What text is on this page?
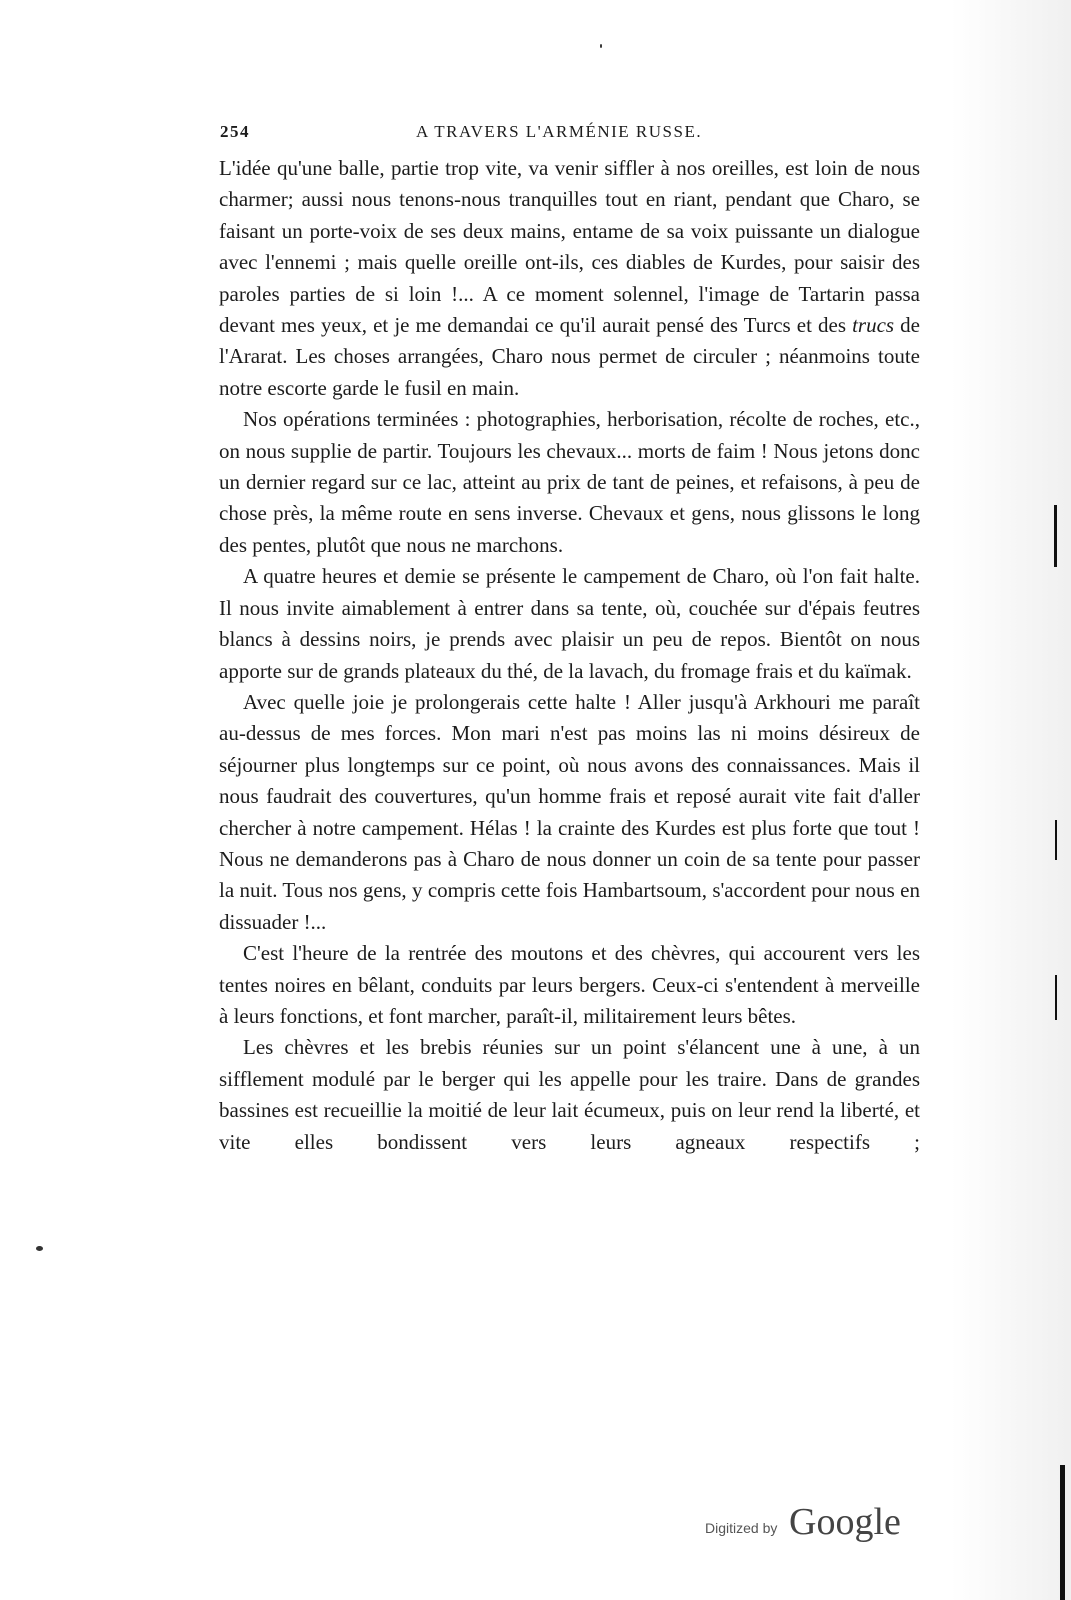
254	A TRAVERS L'ARMÉNIE RUSSE.

L'idée qu'une balle, partie trop vite, va venir siffler à nos oreilles, est loin de nous charmer; aussi nous tenons-nous tranquilles tout en riant, pendant que Charo, se faisant un porte-voix de ses deux mains, entame de sa voix puissante un dialogue avec l'ennemi ; mais quelle oreille ont-ils, ces diables de Kurdes, pour saisir des paroles parties de si loin !... A ce moment solennel, l'image de Tartarin passa devant mes yeux, et je me demandai ce qu'il aurait pensé des Turcs et des trucs de l'Ararat. Les choses arrangées, Charo nous permet de circuler ; néanmoins toute notre escorte garde le fusil en main.

Nos opérations terminées : photographies, herborisation, récolte de roches, etc., on nous supplie de partir. Toujours les chevaux... morts de faim ! Nous jetons donc un dernier regard sur ce lac, atteint au prix de tant de peines, et refaisons, à peu de chose près, la même route en sens inverse. Chevaux et gens, nous glissons le long des pentes, plutôt que nous ne marchons.

A quatre heures et demie se présente le campement de Charo, où l'on fait halte. Il nous invite aimablement à entrer dans sa tente, où, couchée sur d'épais feutres blancs à dessins noirs, je prends avec plaisir un peu de repos. Bientôt on nous apporte sur de grands plateaux du thé, de la lavach, du fromage frais et du kaïmak.

Avec quelle joie je prolongerais cette halte ! Aller jusqu'à Arkhouri me paraît au-dessus de mes forces. Mon mari n'est pas moins las ni moins désireux de séjourner plus longtemps sur ce point, où nous avons des connaissances. Mais il nous faudrait des couvertures, qu'un homme frais et reposé aurait vite fait d'aller chercher à notre campement. Hélas ! la crainte des Kurdes est plus forte que tout ! Nous ne demanderons pas à Charo de nous donner un coin de sa tente pour passer la nuit. Tous nos gens, y compris cette fois Hambartsoum, s'accordent pour nous en dissuader !...

C'est l'heure de la rentrée des moutons et des chèvres, qui accourent vers les tentes noires en bêlant, conduits par leurs bergers. Ceux-ci s'entendent à merveille à leurs fonctions, et font marcher, paraît-il, militairement leurs bêtes.

Les chèvres et les brebis réunies sur un point s'élancent une à une, à un sifflement modulé par le berger qui les appelle pour les traire. Dans de grandes bassines est recueillie la moitié de leur lait écumeux, puis on leur rend la liberté, et vite elles bondissent vers leurs agneaux respectifs ;

Digitized by Google
